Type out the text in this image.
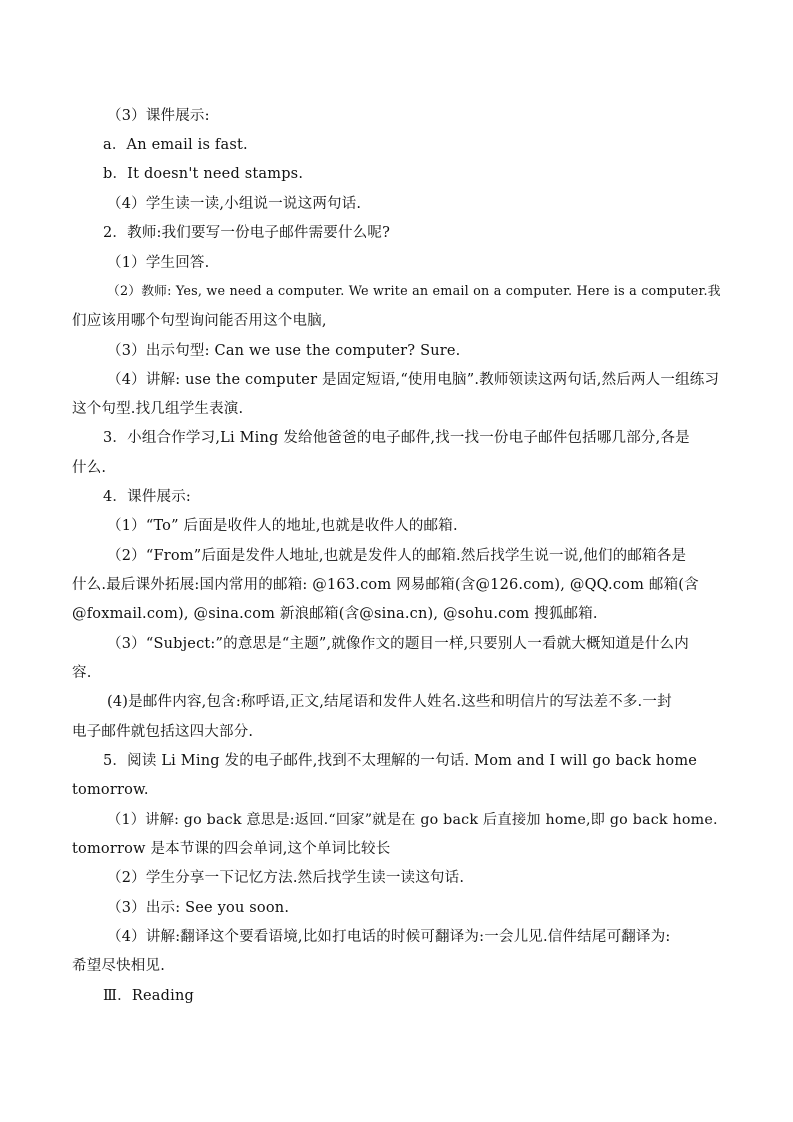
（3）课件展示:
a．An email is fast.
b．It doesn't need stamps.
（4）学生读一读,小组说一说这两句话.
2．教师:我们要写一份电子邮件需要什么呢?
（1）学生回答.
（2）教师: Yes, we need a computer. We write an email on a computer. Here is a computer.我
们应该用哪个句型询问能否用这个电脑,
（3）出示句型: Can we use the computer? Sure.
（4）讲解: use the computer 是固定短语,“使用电脑”.教师领读这两句话,然后两人一组练习
这个句型.找几组学生表演.
3．小组合作学习,Li Ming 发给他爸爸的电子邮件,找一找一份电子邮件包括哪几部分,各是
什么.
4．课件展示:
（1）“To” 后面是收件人的地址,也就是收件人的邮箱.
（2）“From”后面是发件人地址,也就是发件人的邮箱.然后找学生说一说,他们的邮箱各是
什么.最后课外拓展:国内常用的邮箱: @163.com 网易邮箱(含@126.com), @QQ.com 邮箱(含
@foxmail.com), @sina.com 新浪邮箱(含@sina.cn), @sohu.com 搜狐邮箱.
（3）“Subject:”的意思是“主题”,就像作文的题目一样,只要别人一看就大概知道是什么内
容.
(4)是邮件内容,包含:称呼语,正文,结尾语和发件人姓名.这些和明信片的写法差不多.一封
电子邮件就包括这四大部分.
5．阅读 Li Ming 发的电子邮件,找到不太理解的一句话. Mom and I will go back home
tomorrow.
（1）讲解: go back 意思是:返回.“回家”就是在 go back 后直接加 home,即 go back home.
tomorrow 是本节课的四会单词,这个单词比较长
（2）学生分享一下记忆方法.然后找学生读一读这句话.
（3）出示: See you soon.
（4）讲解:翻译这个要看语境,比如打电话的时候可翻译为:一会儿见.信件结尾可翻译为:
希望尽快相见.
Ⅲ．Reading
